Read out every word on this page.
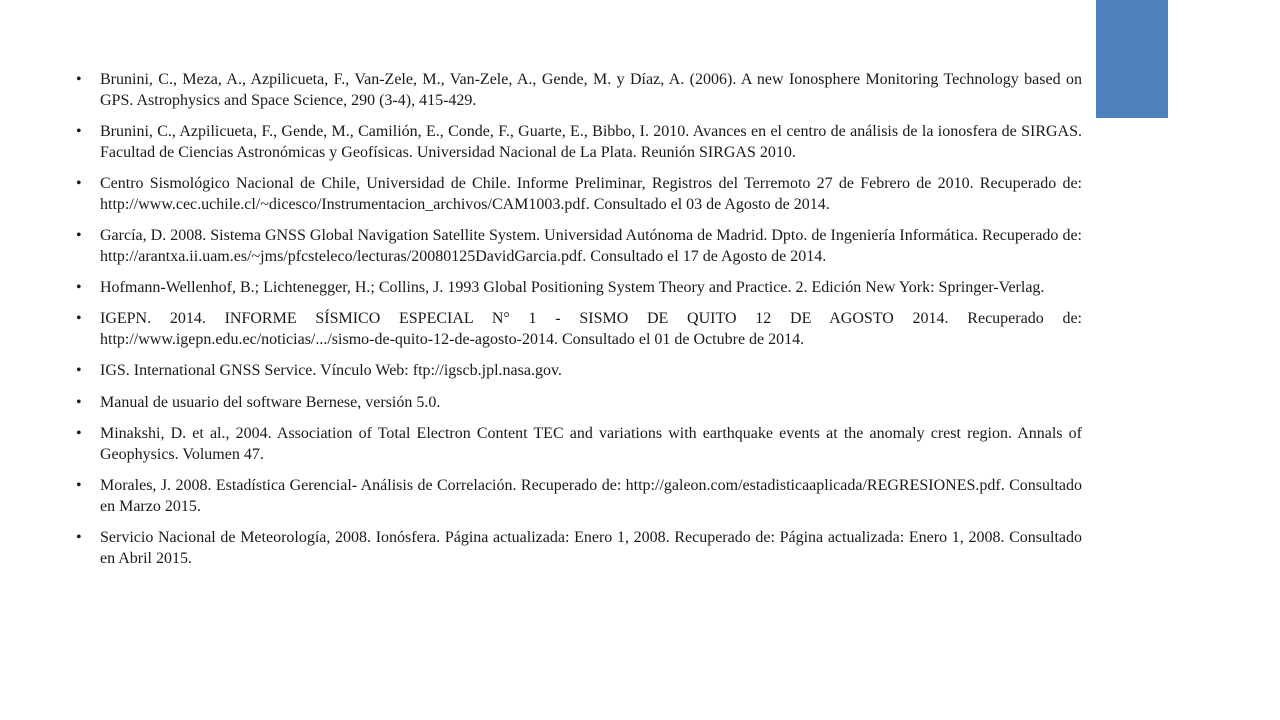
• Brunini, C., Meza, A., Azpilicueta, F., Van-Zele, M., Van-Zele, A., Gende, M. y Díaz, A. (2006). A new Ionosphere Monitoring Technology based on GPS. Astrophysics and Space Science, 290 (3-4), 415-429.
• Brunini, C., Azpilicueta, F., Gende, M., Camilión, E., Conde, F., Guarte, E., Bibbo, I. 2010. Avances en el centro de análisis de la ionosfera de SIRGAS. Facultad de Ciencias Astronómicas y Geofísicas. Universidad Nacional de La Plata. Reunión SIRGAS 2010.
• Centro Sismológico Nacional de Chile, Universidad de Chile. Informe Preliminar, Registros del Terremoto 27 de Febrero de 2010. Recuperado de: http://www.cec.uchile.cl/~dicesco/Instrumentacion_archivos/CAM1003.pdf. Consultado el 03 de Agosto de 2014.
• García, D. 2008. Sistema GNSS Global Navigation Satellite System. Universidad Autónoma de Madrid. Dpto. de Ingeniería Informática. Recuperado de: http://arantxa.ii.uam.es/~jms/pfcsteleco/lecturas/20080125DavidGarcia.pdf. Consultado el 17 de Agosto de 2014.
• Hofmann-Wellenhof, B.; Lichtenegger, H.; Collins, J. 1993 Global Positioning System Theory and Practice. 2. Edición New York: Springer-Verlag.
• IGEPN. 2014. INFORME SÍSMICO ESPECIAL N° 1 - SISMO DE QUITO 12 DE AGOSTO 2014. Recuperado de: http://www.igepn.edu.ec/noticias/.../sismo-de-quito-12-de-agosto-2014. Consultado el 01 de Octubre de 2014.
• IGS. International GNSS Service. Vínculo Web: ftp://igscb.jpl.nasa.gov.
• Manual de usuario del software Bernese, versión 5.0.
• Minakshi, D. et al., 2004. Association of Total Electron Content TEC and variations with earthquake events at the anomaly crest region. Annals of Geophysics. Volumen 47.
• Morales, J. 2008. Estadística Gerencial- Análisis de Correlación. Recuperado de: http://galeon.com/estadisticaaplicada/REGRESIONES.pdf. Consultado en Marzo 2015.
• Servicio Nacional de Meteorología, 2008. Ionósfera. Página actualizada: Enero 1, 2008. Recuperado de: Página actualizada: Enero 1, 2008. Consultado en Abril 2015.
